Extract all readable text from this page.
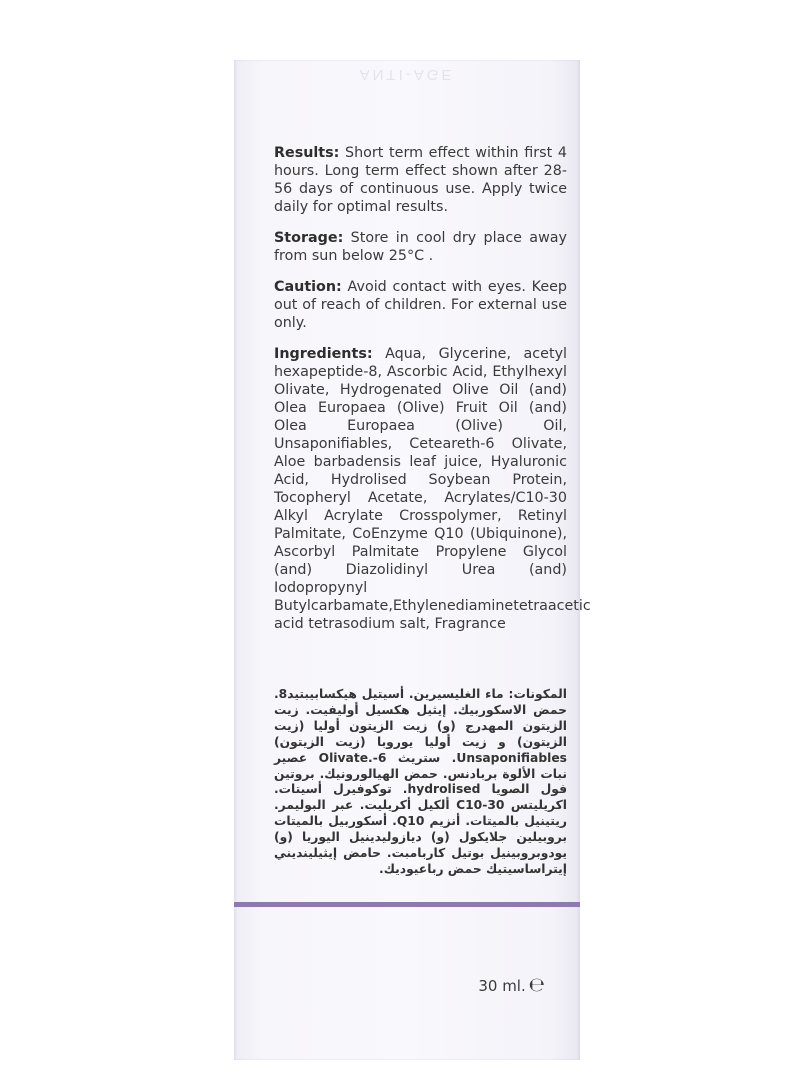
ANTI-AGE

Results: Short term effect within first 4 hours. Long term effect shown after 28-56 days of continuous use. Apply twice daily for optimal results.

Storage: Store in cool dry place away from sun below 25°C .

Caution: Avoid contact with eyes. Keep out of reach of children. For external use only.

Ingredients: Aqua, Glycerine, acetyl hexapeptide-8, Ascorbic Acid, Ethylhexyl Olivate, Hydrogenated Olive Oil (and) Olea Europaea (Olive) Fruit Oil (and) Olea Europaea (Olive) Oil, Unsaponifiables, Ceteareth-6 Olivate, Aloe barbadensis leaf juice, Hyaluronic Acid, Hydrolised Soybean Protein, Tocopheryl Acetate, Acrylates/C10-30 Alkyl Acrylate Crosspolymer, Retinyl Palmitate, CoEnzyme Q10 (Ubiquinone), Ascorbyl Palmitate Propylene Glycol (and) Diazolidinyl Urea (and) Iodopropynyl Butylcarbamate,Ethylenediaminetetraacetic acid tetrasodium salt, Fragrance

المكونات: ماء الغليسيرين. أسيتيل هيكسابيبتيد8. حمض الاسكوربيك. إيثيل هكسيل أوليفيت. زيت الزيتون المهدرج (و) زيت الزيتون أوليا (زيت الزيتون) و زيت أوليا يوروبا (زيت الزيتون) Unsaponifiables. ستريث 6-.Olivate عصير نبات الألوة بربادنس. حمض الهيالورونيك. بروتين فول الصويا hydrolised. توكوفيرل أسيتات. اكريليتس C10-30 ألكيل أكريليت. عبر البوليمر. ريتينيل بالميتات. أنزيم Q10. أسكوربيل بالميتات بروبيلين جلايكول (و) ديازوليدينيل اليوريا (و) يودوبروبينيل بوتيل كاربامبت. حامض إيثيلينديني إيتراساسيتيك حمض رباعيوديك.
30 ml. ℮
